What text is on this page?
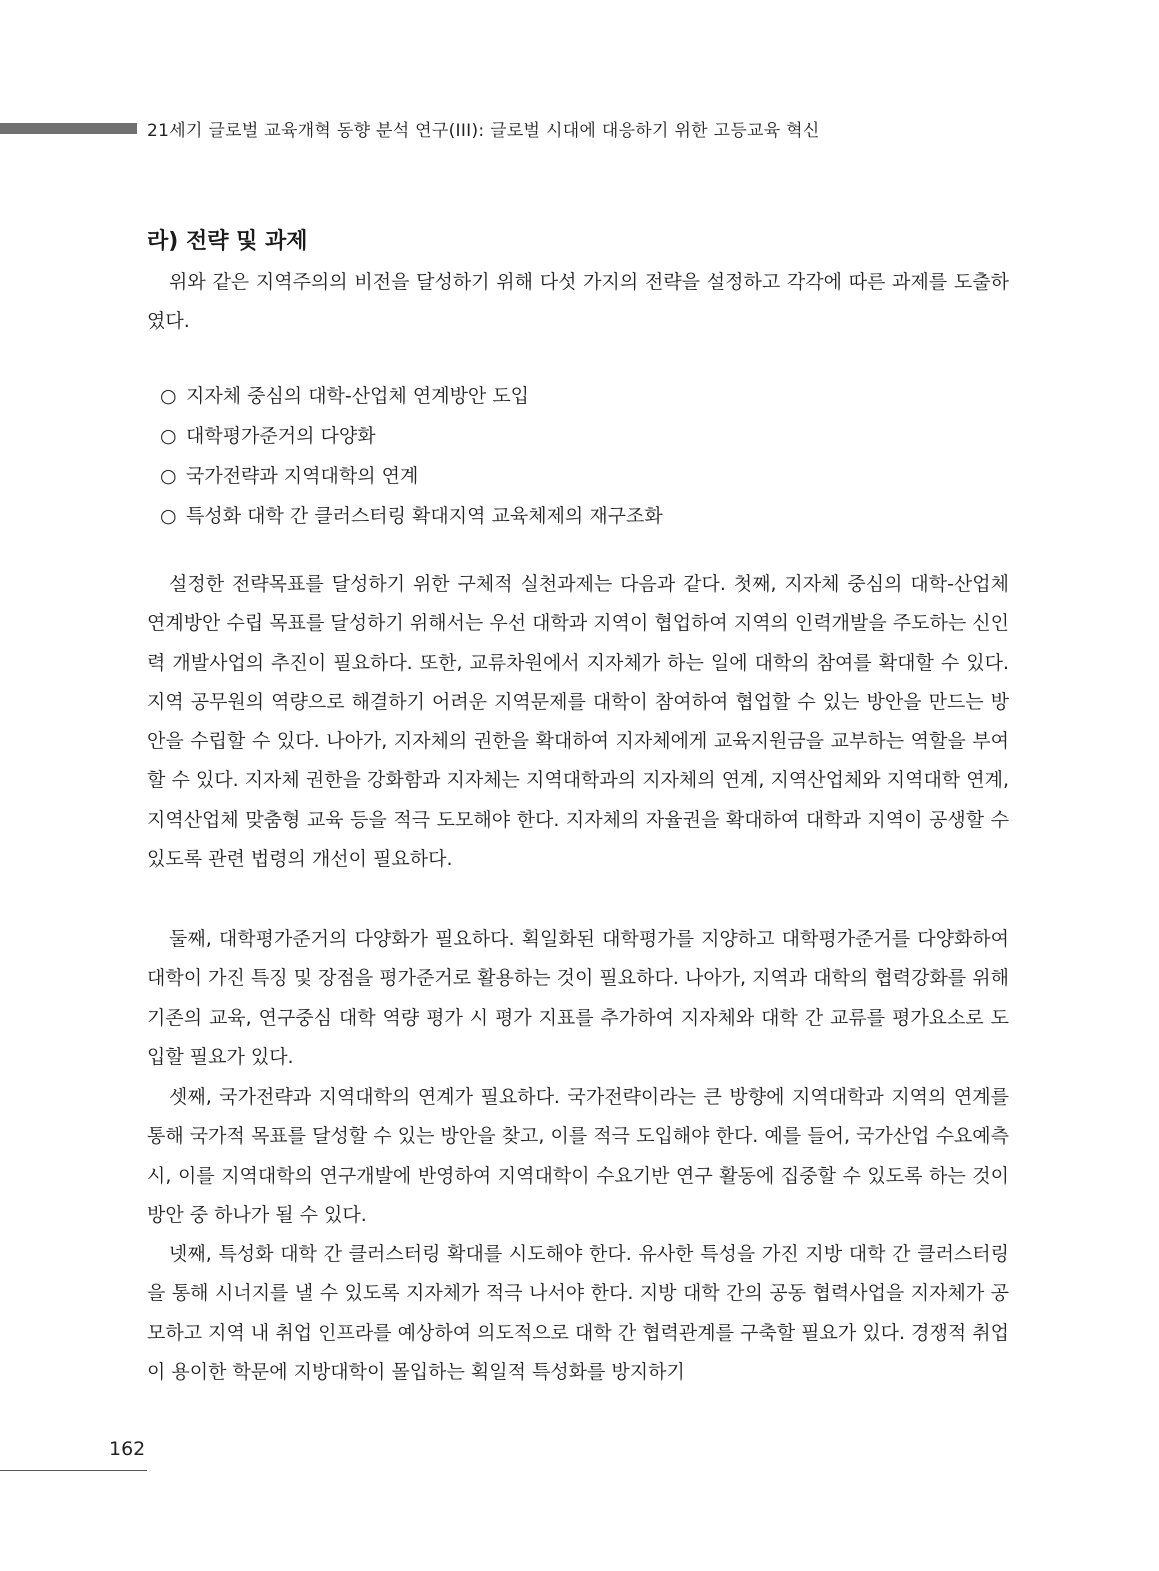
21세기 글로벌 교육개혁 동향 분석 연구(III): 글로벌 시대에 대응하기 위한 고등교육 혁신
라) 전략 및 과제
위와 같은 지역주의의 비전을 달성하기 위해 다섯 가지의 전략을 설정하고 각각에 따른 과제를 도출하였다.
○ 지자체 중심의 대학-산업체 연계방안 도입
○ 대학평가준거의 다양화
○ 국가전략과 지역대학의 연계
○ 특성화 대학 간 클러스터링 확대지역 교육체제의 재구조화
설정한 전략목표를 달성하기 위한 구체적 실천과제는 다음과 같다. 첫째, 지자체 중심의 대학-산업체 연계방안 수립 목표를 달성하기 위해서는 우선 대학과 지역이 협업하여 지역의 인력개발을 주도하는 신인력 개발사업의 추진이 필요하다. 또한, 교류차원에서 지자체가 하는 일에 대학의 참여를 확대할 수 있다. 지역 공무원의 역량으로 해결하기 어려운 지역문제를 대학이 참여하여 협업할 수 있는 방안을 만드는 방안을 수립할 수 있다. 나아가, 지자체의 권한을 확대하여 지자체에게 교육지원금을 교부하는 역할을 부여할 수 있다. 지자체 권한을 강화함과 지자체는 지역대학과의 지자체의 연계, 지역산업체와 지역대학 연계, 지역산업체 맞춤형 교육 등을 적극 도모해야 한다. 지자체의 자율권을 확대하여 대학과 지역이 공생할 수 있도록 관련 법령의 개선이 필요하다.
둘째, 대학평가준거의 다양화가 필요하다. 획일화된 대학평가를 지양하고 대학평가준거를 다양화하여 대학이 가진 특징 및 장점을 평가준거로 활용하는 것이 필요하다. 나아가, 지역과 대학의 협력강화를 위해 기존의 교육, 연구중심 대학 역량 평가 시 평가 지표를 추가하여 지자체와 대학 간 교류를 평가요소로 도입할 필요가 있다.
셋째, 국가전략과 지역대학의 연계가 필요하다. 국가전략이라는 큰 방향에 지역대학과 지역의 연계를 통해 국가적 목표를 달성할 수 있는 방안을 찾고, 이를 적극 도입해야 한다. 예를 들어, 국가산업 수요예측 시, 이를 지역대학의 연구개발에 반영하여 지역대학이 수요기반 연구 활동에 집중할 수 있도록 하는 것이 방안 중 하나가 될 수 있다.
넷째, 특성화 대학 간 클러스터링 확대를 시도해야 한다. 유사한 특성을 가진 지방 대학 간 클러스터링을 통해 시너지를 낼 수 있도록 지자체가 적극 나서야 한다. 지방 대학 간의 공동 협력사업을 지자체가 공모하고 지역 내 취업 인프라를 예상하여 의도적으로 대학 간 협력관계를 구축할 필요가 있다. 경쟁적 취업이 용이한 학문에 지방대학이 몰입하는 획일적 특성화를 방지하기
162
